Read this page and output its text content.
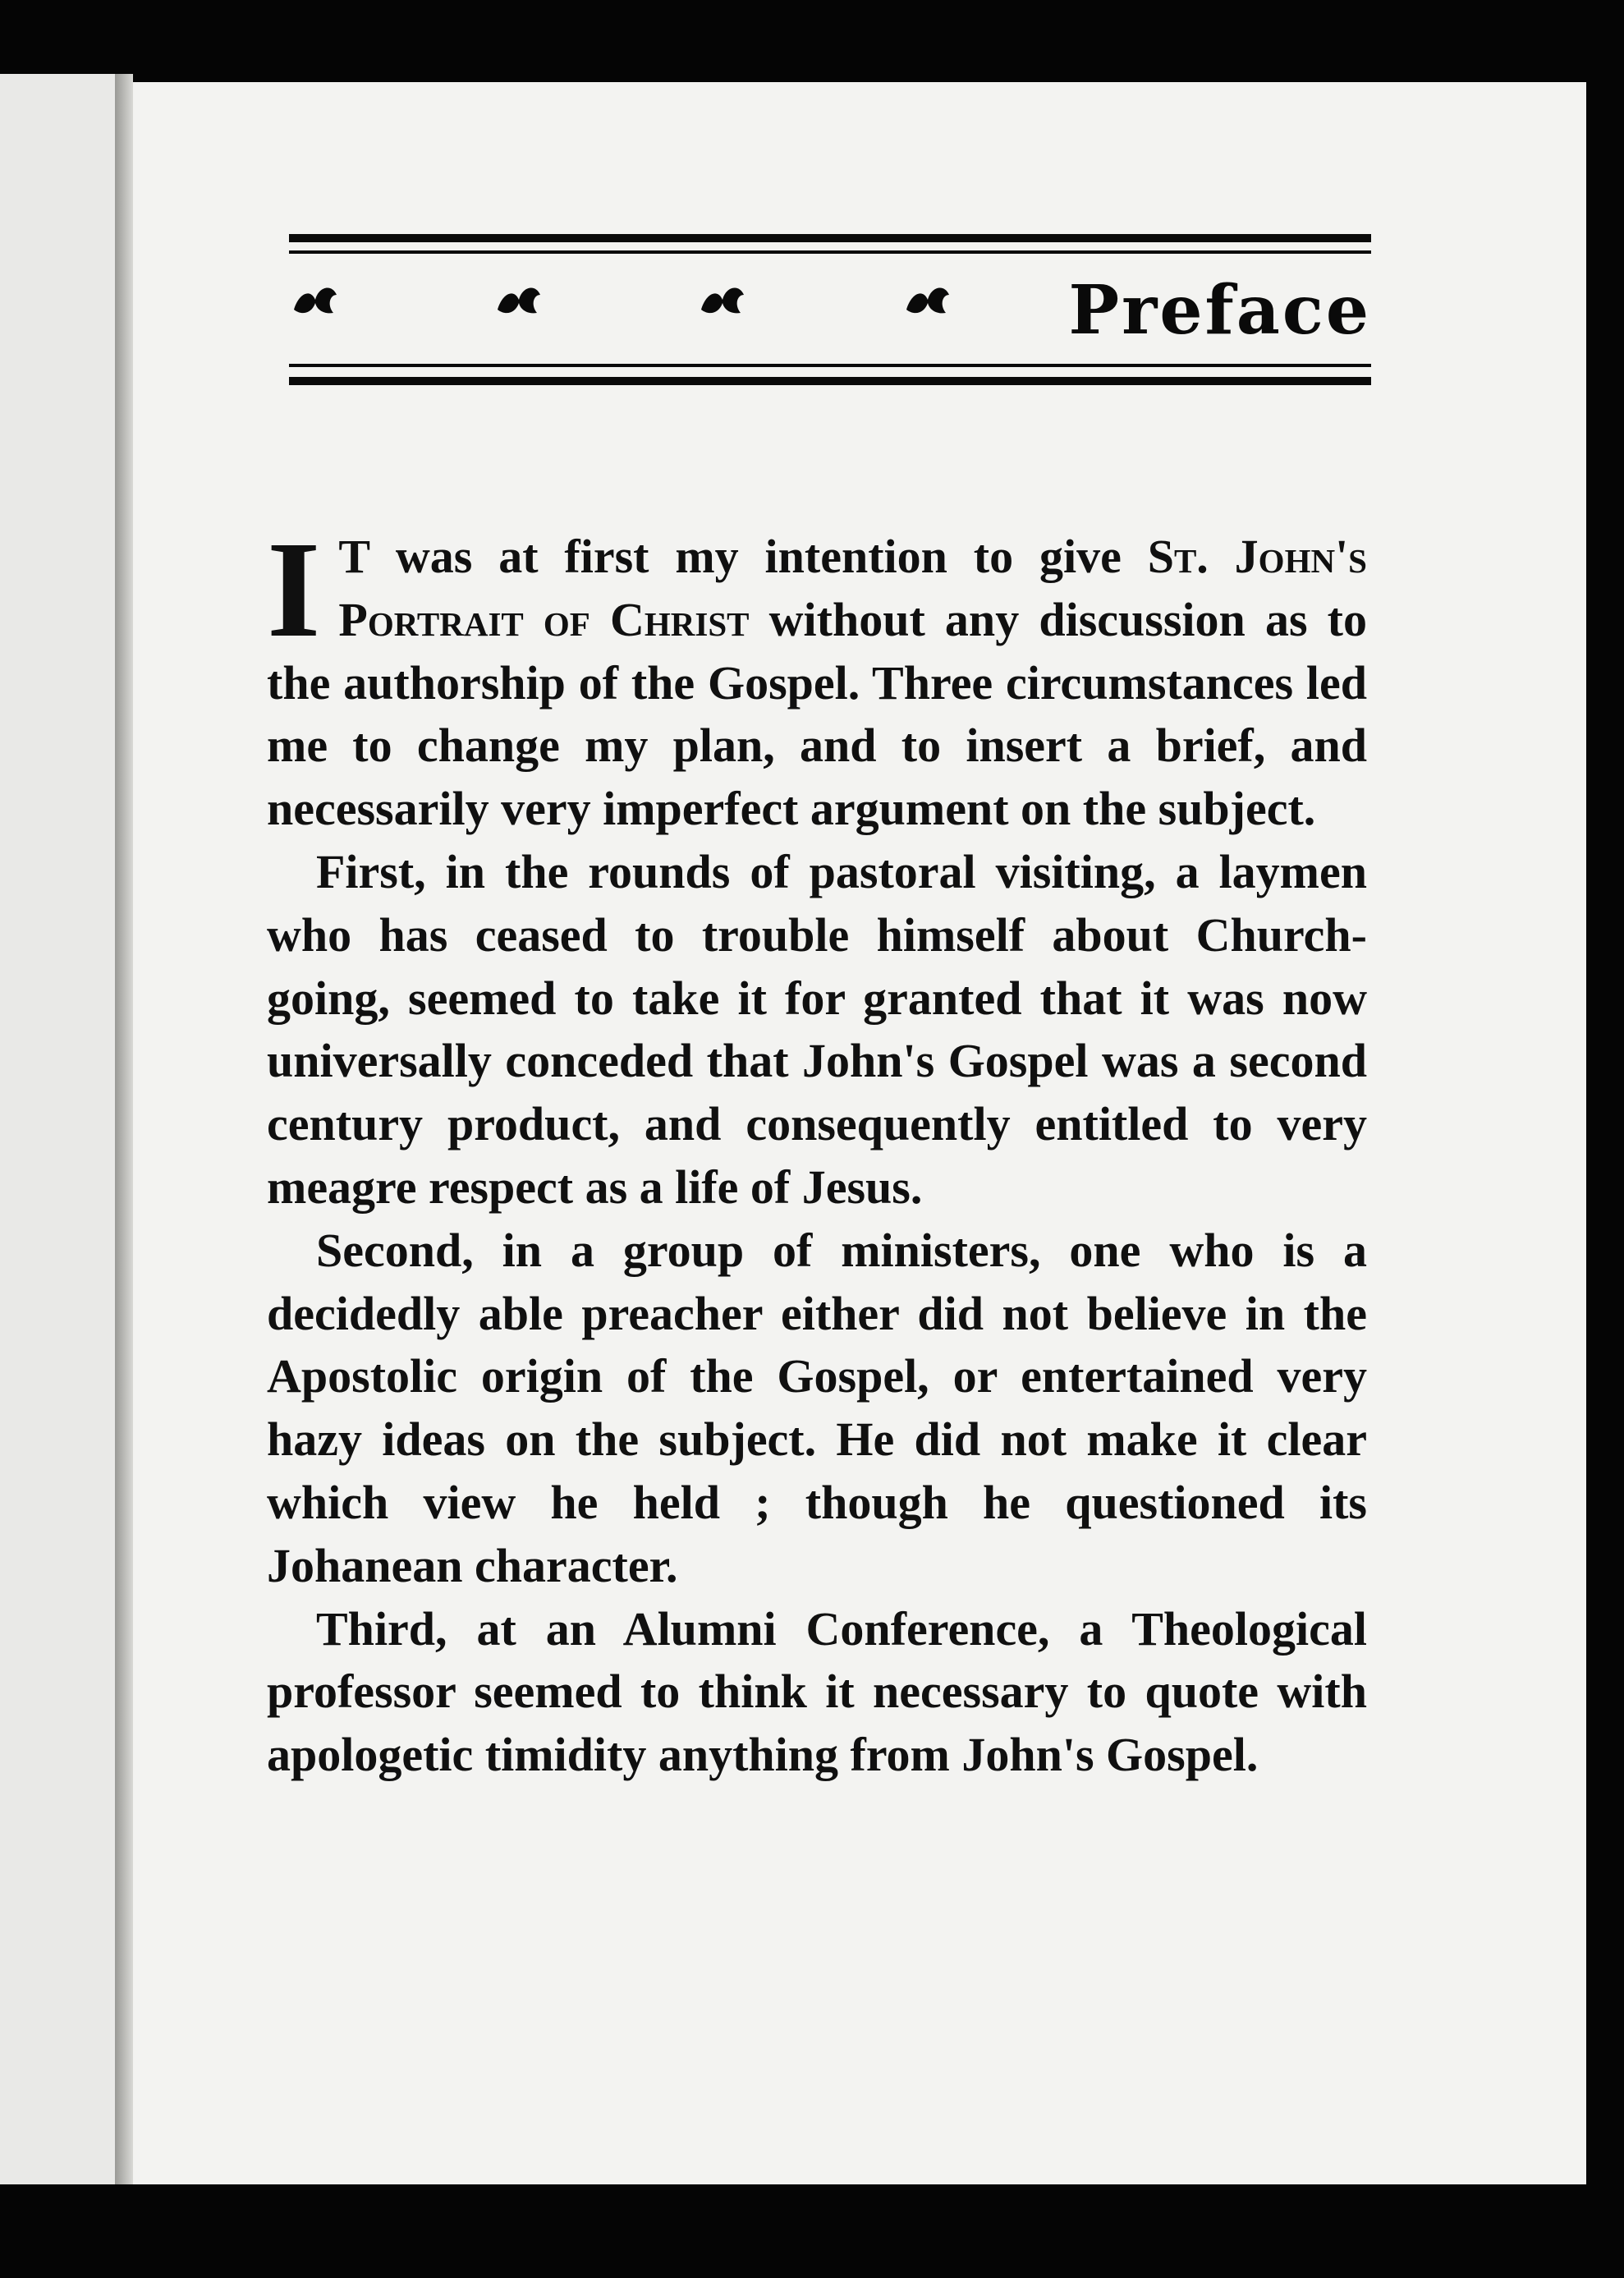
Preface

I T was at first my in⁠tention to give St. John's Portrait of Christ without any discussion as to the authorship of the Gospel. Three circumstances led me to change my plan, and to insert a brief, and necessarily very imperfect argument on the subject.

First, in the rounds of pastoral visiting, a laymen who has ceased to trouble himself about Church-going, seemed to take it for granted that it was now universally conceded that John's Gospel was a second century product, and consequently entitled to very meagre respect as a life of Jesus.

Second, in a group of ministers, one who is a decidedly able preacher either did not believe in the Apostolic origin of the Gospel, or entertained very hazy ideas on the subject. He did not make it clear which view he held ; though he questioned its Johanean character.

Third, at an Alumni Conference, a Theological professor seemed to think it necessary to quote with apologetic timidity anything from John's Gospel.
